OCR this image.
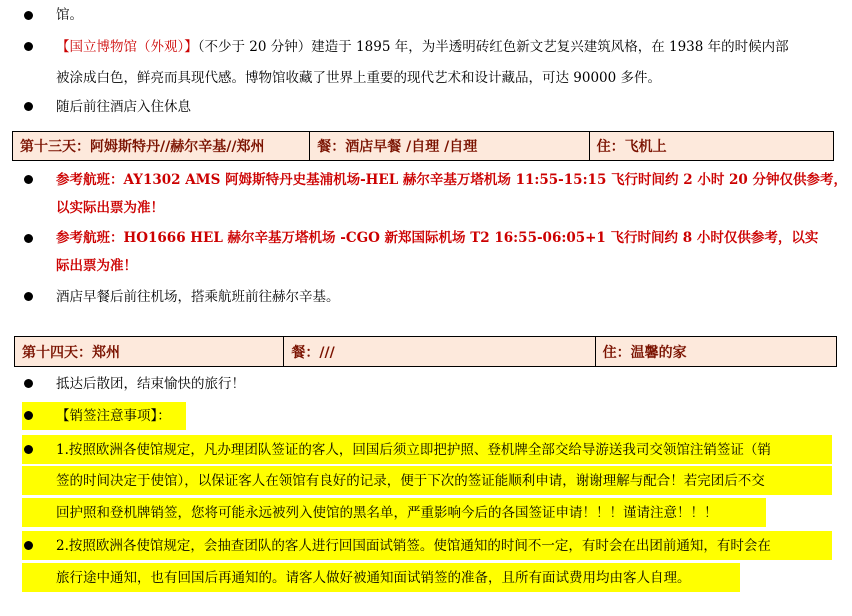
馆。
【国立博物馆（外观）】（不少于 20 分钟）建造于 1895 年，为半透明砖红色新文艺复兴建筑风格，在 1938 年的时候内部
被涂成白色，鲜亮而具现代感。博物馆收藏了世界上重要的现代艺术和设计藏品，可达 90000 多件。
随后前往酒店入住休息
第十三天：阿姆斯特丹//赫尔辛基//郑州	餐：酒店早餐 /自理 /自理	住：飞机上
参考航班：AY1302 AMS 阿姆斯特丹史基浦机场-HEL 赫尔辛基万塔机场 11:55-15:15 飞行时间约 2 小时 20 分钟仅供参考，
以实际出票为准！
参考航班：HO1666 HEL 赫尔辛基万塔机场 -CGO 新郑国际机场 T2 16:55-06:05+1 飞行时间约 8 小时仅供参考，以实
际出票为准！
酒店早餐后前往机场，搭乘航班前往赫尔辛基。
第十四天：郑州	餐：///	住：温馨的家
抵达后散团，结束愉快的旅行！
【销签注意事项】：
1.按照欧洲各使馆规定，凡办理团队签证的客人，回国后须立即把护照、登机牌全部交给导游送我司交领馆注销签证（销
签的时间决定于使馆），以保证客人在领馆有良好的记录，便于下次的签证能顺利申请，谢谢理解与配合！若完团后不交
回护照和登机牌销签，您将可能永远被列入使馆的黑名单，严重影响今后的各国签证申请！！！谨请注意！！！
2.按照欧洲各使馆规定，会抽查团队的客人进行回国面试销签。使馆通知的时间不一定，有时会在出团前通知，有时会在
旅行途中通知，也有回国后再通知的。请客人做好被通知面试销签的准备，且所有面试费用均由客人自理。
